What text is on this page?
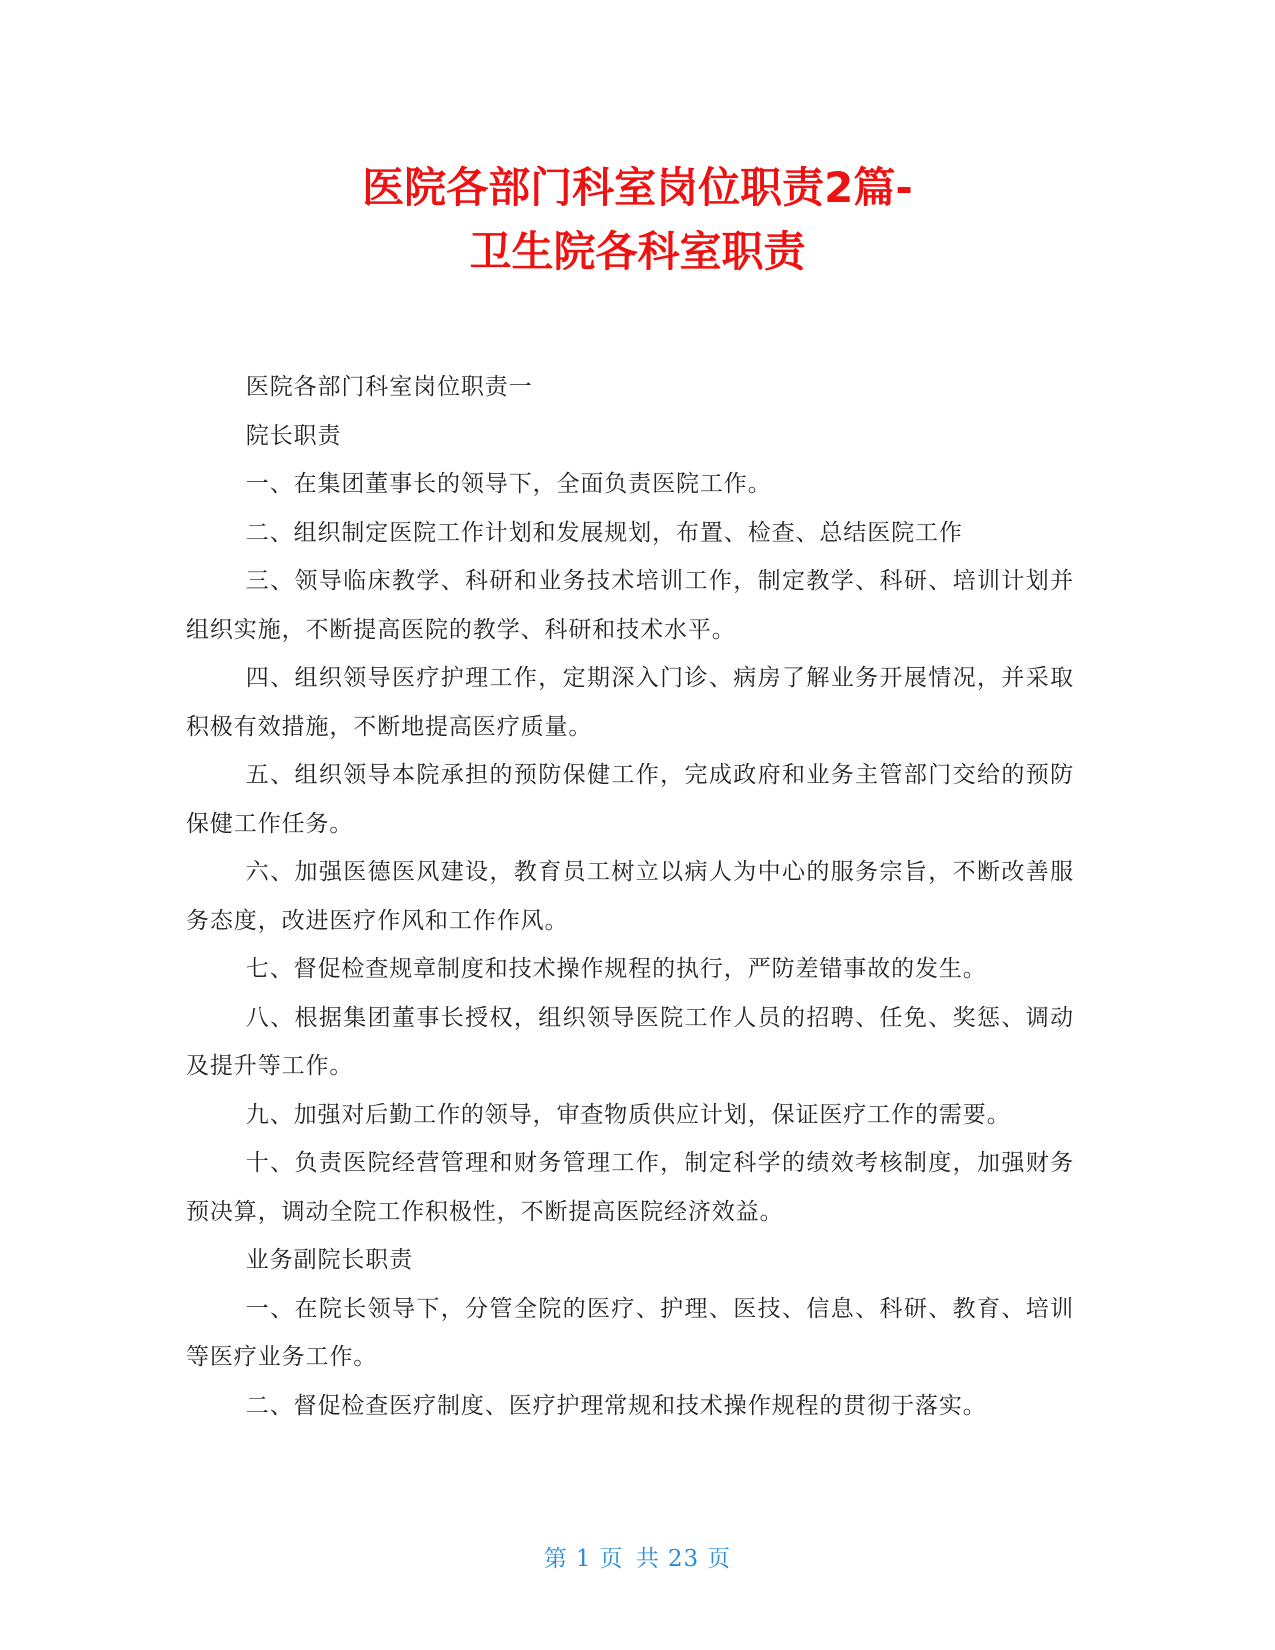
医院各部门科室岗位职责2篇-
卫生院各科室职责

医院各部门科室岗位职责一

院长职责

一、在集团董事长的领导下，全面负责医院工作。

二、组织制定医院工作计划和发展规划，布置、检查、总结医院工作

三、领导临床教学、科研和业务技术培训工作，制定教学、科研、培训计划并组织实施，不断提高医院的教学、科研和技术水平。

四、组织领导医疗护理工作，定期深入门诊、病房了解业务开展情况，并采取积极有效措施，不断地提高医疗质量。

五、组织领导本院承担的预防保健工作，完成政府和业务主管部门交给的预防保健工作任务。

六、加强医德医风建设，教育员工树立以病人为中心的服务宗旨，不断改善服务态度，改进医疗作风和工作作风。

七、督促检查规章制度和技术操作规程的执行，严防差错事故的发生。

八、根据集团董事长授权，组织领导医院工作人员的招聘、任免、奖惩、调动及提升等工作。

九、加强对后勤工作的领导，审查物质供应计划，保证医疗工作的需要。

十、负责医院经营管理和财务管理工作，制定科学的绩效考核制度，加强财务预决算，调动全院工作积极性，不断提高医院经济效益。

业务副院长职责

一、在院长领导下，分管全院的医疗、护理、医技、信息、科研、教育、培训等医疗业务工作。

二、督促检查医疗制度、医疗护理常规和技术操作规程的贯彻于落实。

第 1 页 共 23 页
